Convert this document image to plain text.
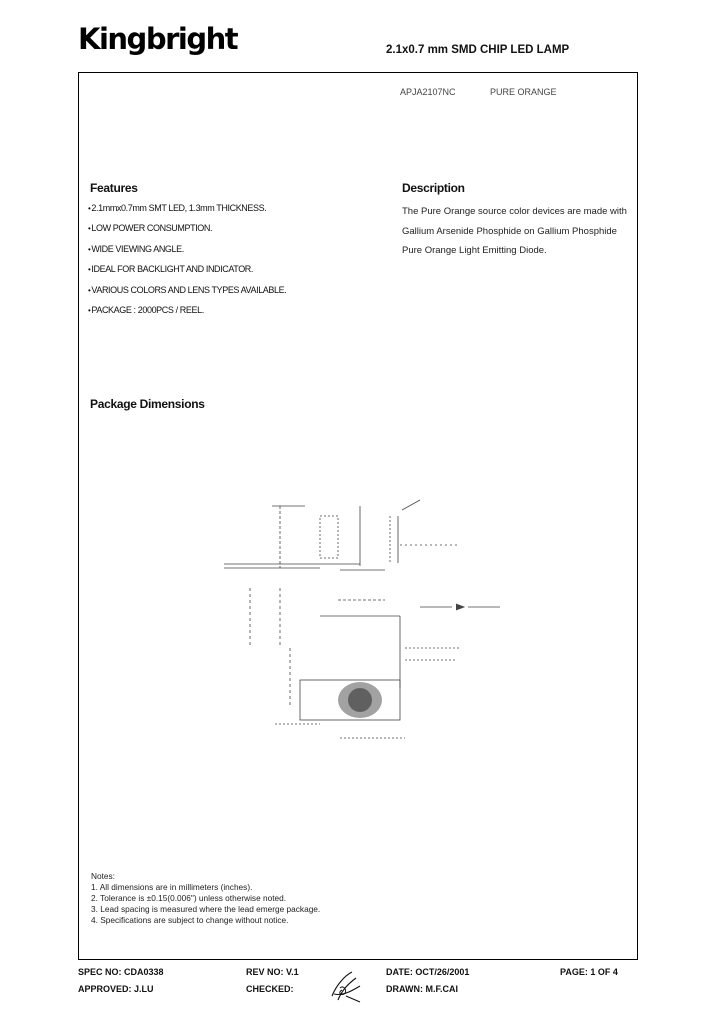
Kingbright	2.1x0.7 mm SMD CHIP LED LAMP
APJA2107NC	PURE ORANGE
Features
• 2.1mmx0.7mm SMT LED, 1.3mm THICKNESS.
• LOW POWER CONSUMPTION.
• WIDE VIEWING ANGLE.
• IDEAL FOR BACKLIGHT AND INDICATOR.
• VARIOUS COLORS AND LENS TYPES AVAILABLE.
• PACKAGE : 2000PCS / REEL.
Description
The Pure Orange source color devices are made with Gallium Arsenide Phosphide on Gallium Phosphide Pure Orange Light Emitting Diode.
Package Dimensions
Notes:
1. All dimensions are in millimeters (inches).
2. Tolerance is ±0.15(0.006") unless otherwise noted.
3. Lead spacing is measured where the lead emerge package.
4. Specifications are subject to change without notice.
SPEC NO: CDA0338	REV NO: V.1	DATE: OCT/26/2001	PAGE: 1 OF 4
APPROVED: J.LU	CHECKED:	DRAWN: M.F.CAI
